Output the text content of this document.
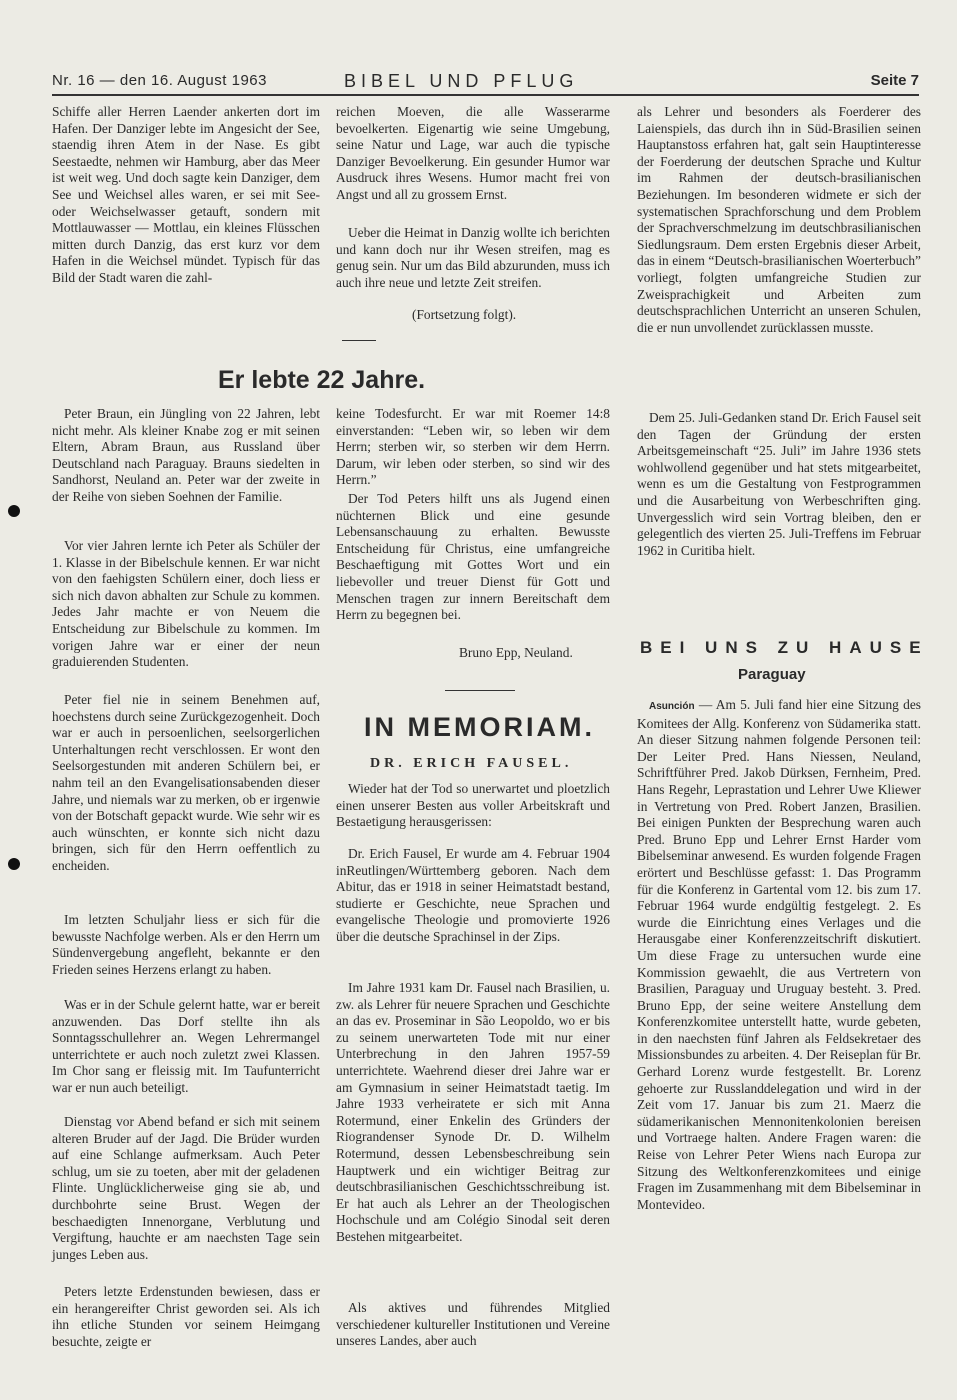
Nr. 16 — den 16. August 1963	BIBEL UND PFLUG	Seite 7

Schiffe aller Herren Laender ankerten dort im Hafen. Der Danziger lebte im Angesicht der See, staendig ihren Atem in der Nase. Es gibt Seestaedte, nehmen wir Hamburg, aber das Meer ist weit weg. Und doch sagte kein Danziger, dem See und Weichsel alles waren, er sei mit See- oder Weichselwasser getauft, sondern mit Mottlauwasser — Mottlau, ein kleines Flüsschen mitten durch Danzig, das erst kurz vor dem Hafen in die Weichsel mündet. Typisch für das Bild der Stadt waren die zahl-

reichen Moeven, die alle Wasserarme bevoelkerten. Eigenartig wie seine Umgebung, seine Natur und Lage, war auch die typische Danziger Bevoelkerung. Ein gesunder Humor war Ausdruck ihres Wesens. Humor macht frei von Angst und all zu grossem Ernst.

Ueber die Heimat in Danzig wollte ich berichten und kann doch nur ihr Wesen streifen, mag es genug sein. Nur um das Bild abzurunden, muss ich auch ihre neue und letzte Zeit streifen.

(Fortsetzung folgt).

Er lebte 22 Jahre.

Peter Braun, ein Jüngling von 22 Jahren, lebt nicht mehr. Als kleiner Knabe zog er mit seinen Eltern, Abram Braun, aus Russland über Deutschland nach Paraguay. Brauns siedelten in Sandhorst, Neuland an. Peter war der zweite in der Reihe von sieben Soehnen der Familie.

Vor vier Jahren lernte ich Peter als Schüler der 1. Klasse in der Bibelschule kennen. Er war nicht von den faehigsten Schülern einer, doch liess er sich nich davon abhalten zur Schule zu kommen. Jedes Jahr machte er von Neuem die Entscheidung zur Bibelschule zu kommen. Im vorigen Jahre war er einer der neun graduierenden Studenten.

Peter fiel nie in seinem Benehmen auf, hoechstens durch seine Zurückgezogenheit. Doch war er auch in persoenlichen, seelsorgerlichen Unterhaltungen recht verschlossen. Er wont den Seelsorgestunden mit anderen Schülern bei, er nahm teil an den Evangelisationsabenden dieser Jahre, und niemals war zu merken, ob er irgenwie von der Botschaft gepackt wurde. Wie sehr wir es auch wünschten, er konnte sich nicht dazu bringen, sich für den Herrn oeffentlich zu encheiden.

Im letzten Schuljahr liess er sich für die bewusste Nachfolge werben. Als er den Herrn um Sündenvergebung angefleht, bekannte er den Frieden seines Herzens erlangt zu haben.

Was er in der Schule gelernt hatte, war er bereit anzuwenden. Das Dorf stellte ihn als Sonntagsschullehrer an. Wegen Lehrermangel unterrichtete er auch noch zuletzt zwei Klassen. Im Chor sang er fleissig mit. Im Taufunterricht war er nun auch beteiligt.

Dienstag vor Abend befand er sich mit seinem alteren Bruder auf der Jagd. Die Brüder wurden auf eine Schlange aufmerksam. Auch Peter schlug, um sie zu toeten, aber mit der geladenen Flinte. Unglücklicherweise ging sie ab, und durchbohrte seine Brust. Wegen der beschaedigten Innenorgane, Verblutung und Vergiftung, hauchte er am naechsten Tage sein junges Leben aus.

Peters letzte Erdenstunden bewiesen, dass er ein herangereifter Christ geworden sei. Als ich ihn etliche Stunden vor seinem Heimgang besuchte, zeigte er

keine Todesfurcht. Er war mit Roemer 14:8 einverstanden: “Leben wir, so leben wir dem Herrn; sterben wir, so sterben wir dem Herrn. Darum, wir leben oder sterben, so sind wir des Herrn.”

Der Tod Peters hilft uns als Jugend einen nüchternen Blick und eine gesunde Lebensanschauung zu erhalten. Bewusste Entscheidung für Christus, eine umfangreiche Beschaeftigung mit Gottes Wort und ein liebevoller und treuer Dienst für Gott und Menschen tragen zur innern Bereitschaft dem Herrn zu begegnen bei.

Bruno Epp, Neuland.

IN MEMORIAM.
DR. ERICH FAUSEL.

Wieder hat der Tod so unerwartet und ploetzlich einen unserer Besten aus voller Arbeitskraft und Bestaetigung herausgerissen:

Dr. Erich Fausel, Er wurde am 4. Februar 1904 inReutlingen/Württemberg geboren. Nach dem Abitur, das er 1918 in seiner Heimatstadt bestand, studierte er Geschichte, neue Sprachen und evangelische Theologie und promovierte 1926 über die deutsche Sprachinsel in der Zips.

Im Jahre 1931 kam Dr. Fausel nach Brasilien, u. zw. als Lehrer für neuere Sprachen und Geschichte an das ev. Proseminar in São Leopoldo, wo er bis zu seinem unerwarteten Tode mit nur einer Unterbrechung in den Jahren 1957-59 unterrichtete. Waehrend dieser drei Jahre war er am Gymnasium in seiner Heimatstadt taetig. Im Jahre 1933 verheiratete er sich mit Anna Rotermund, einer Enkelin des Gründers der Riograndenser Synode Dr. D. Wilhelm Rotermund, dessen Lebensbeschreibung sein Hauptwerk und ein wichtiger Beitrag zur deutschbrasilianischen Geschichtsschreibung ist. Er hat auch als Lehrer an der Theologischen Hochschule und am Colégio Sinodal seit deren Bestehen mitgearbeitet.

Als aktives und führendes Mitglied verschiedener kultureller Institutionen und Vereine unseres Landes, aber auch

als Lehrer und besonders als Foerderer des Laienspiels, das durch ihn in Süd-Brasilien seinen Hauptanstoss erfahren hat, galt sein Hauptinteresse der Foerderung der deutschen Sprache und Kultur im Rahmen der deutsch-brasilianischen Beziehungen. Im besonderen widmete er sich der systematischen Sprachforschung und dem Problem der Sprachverschmelzung im deutschbrasilianischen Siedlungsraum. Dem ersten Ergebnis dieser Arbeit, das in einem “Deutsch-brasilianischen Woerterbuch” vorliegt, folgten umfangreiche Studien zur Zweisprachigkeit und Arbeiten zum deutschsprachlichen Unterricht an unseren Schulen, die er nun unvollendet zurücklassen musste.

Dem 25. Juli-Gedanken stand Dr. Erich Fausel seit den Tagen der Gründung der ersten Arbeitsgemeinschaft “25. Juli” im Jahre 1936 stets wohlwollend gegenüber und hat stets mitgearbeitet, wenn es um die Gestaltung von Festprogrammen und die Ausarbeitung von Werbeschriften ging. Unvergesslich wird sein Vortrag bleiben, den er gelegentlich des vierten 25. Juli-Treffens im Februar 1962 in Curitiba hielt.

BEI UNS ZU HAUSE
Paraguay

Asunción — Am 5. Juli fand hier eine Sitzung des Komitees der Allg. Konferenz von Südamerika statt. An dieser Sitzung nahmen folgende Personen teil: Der Leiter Pred. Hans Niessen, Neuland, Schriftführer Pred. Jakob Dürksen, Fernheim, Pred. Hans Regehr, Leprastation und Lehrer Uwe Kliewer in Vertretung von Pred. Robert Janzen, Brasilien. Bei einigen Punkten der Besprechung waren auch Pred. Bruno Epp und Lehrer Ernst Harder vom Bibelseminar anwesend. Es wurden folgende Fragen erörtert und Beschlüsse gefasst: 1. Das Programm für die Konferenz in Gartental vom 12. bis zum 17. Februar 1964 wurde endgültig festgelegt. 2. Es wurde die Einrichtung eines Verlages und die Herausgabe einer Konferenzzeitschrift diskutiert. Um diese Frage zu untersuchen wurde eine Kommission gewaehlt, die aus Vertretern von Brasilien, Paraguay und Uruguay besteht. 3. Pred. Bruno Epp, der seine weitere Anstellung dem Konferenzkomitee unterstellt hatte, wurde gebeten, in den naechsten fünf Jahren als Feldsekretaer des Missionsbundes zu arbeiten. 4. Der Reiseplan für Br. Gerhard Lorenz wurde festgestellt. Br. Lorenz gehoerte zur Russlanddelegation und wird in der Zeit vom 17. Januar bis zum 21. Maerz die südamerikanischen Mennonitenkolonien bereisen und Vortraege halten. Andere Fragen waren: die Reise von Lehrer Peter Wiens nach Europa zur Sitzung des Weltkonferenzkomitees und einige Fragen im Zusammenhang mit dem Bibelseminar in Montevideo.
